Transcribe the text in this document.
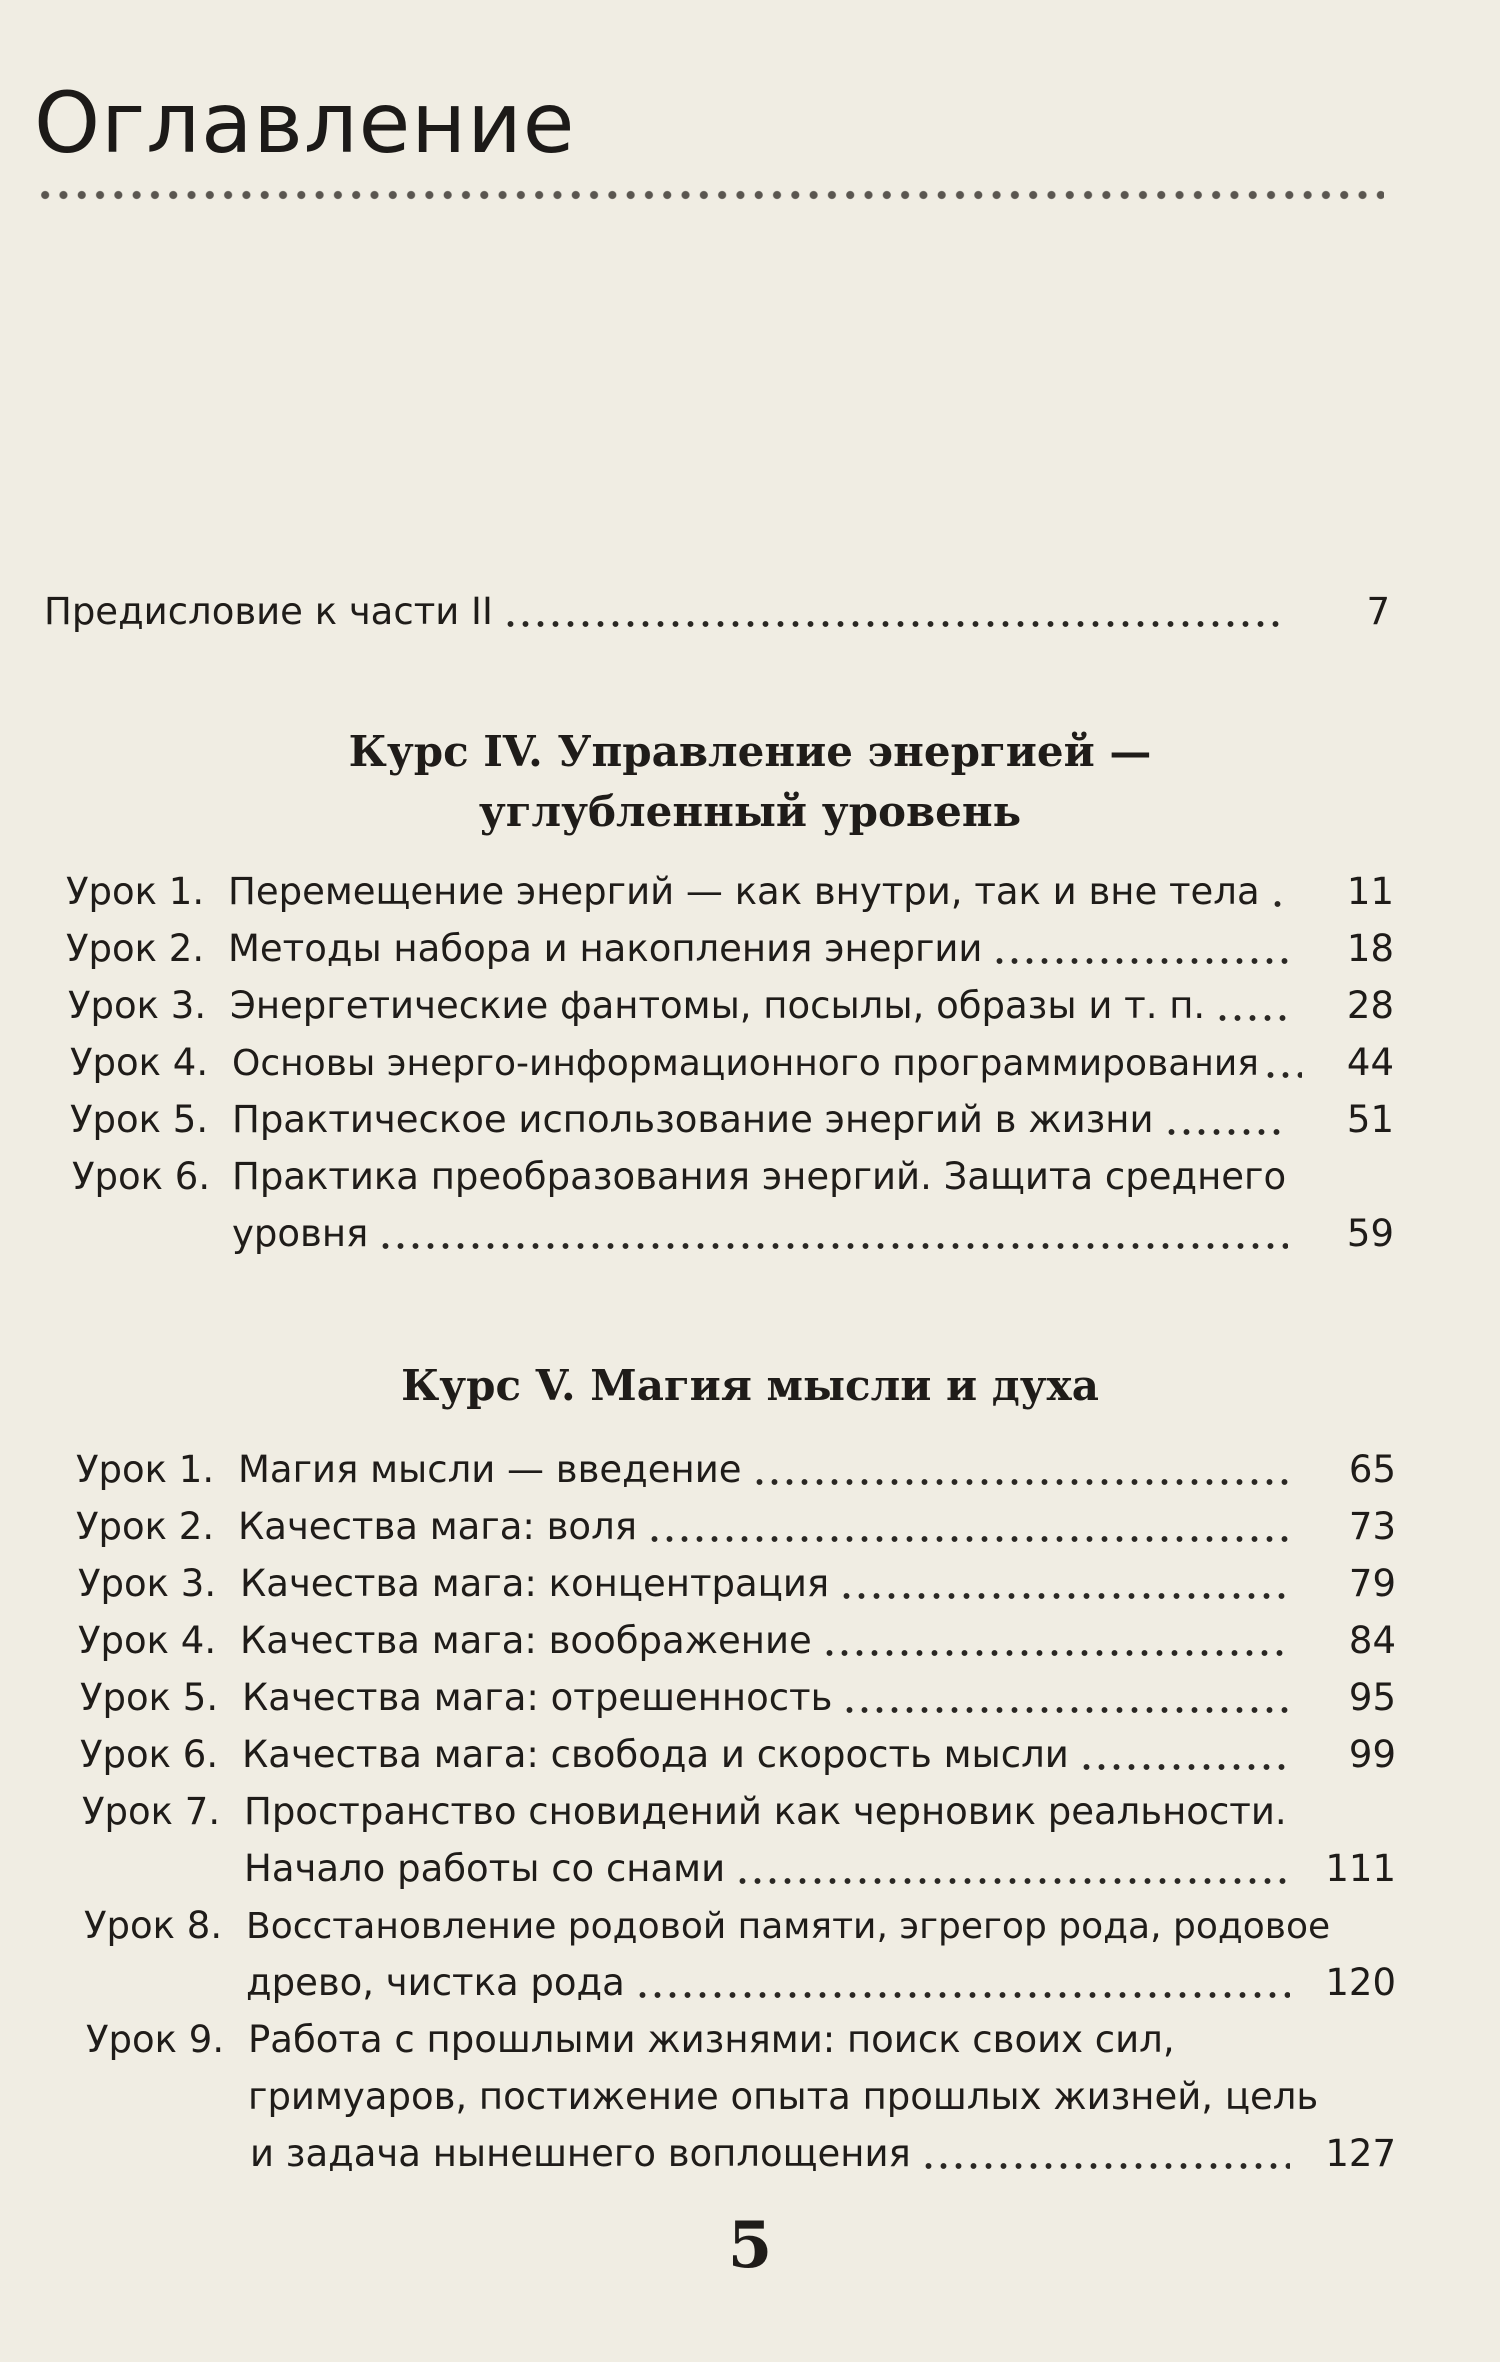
Оглавление
Предисловие к части II	7
Курс IV. Управление энергией —
углубленный уровень
Урок 1. Перемещение энергий — как внутри, так и вне тела	11
Урок 2. Методы набора и накопления энергии	18
Урок 3. Энергетические фантомы, посылы, образы и т. п.	28
Урок 4. Основы энерго-информационного программирования	44
Урок 5. Практическое использование энергий в жизни	51
Урок 6. Практика преобразования энергий. Защита среднего
уровня	59
Курс V. Магия мысли и духа
Урок 1. Магия мысли — введение	65
Урок 2. Качества мага: воля	73
Урок 3. Качества мага: концентрация	79
Урок 4. Качества мага: воображение	84
Урок 5. Качества мага: отрешенность	95
Урок 6. Качества мага: свобода и скорость мысли	99
Урок 7. Пространство сновидений как черновик реальности.
Начало работы со снами	111
Урок 8. Восстановление родовой памяти, эгрегор рода, родовое
древо, чистка рода	120
Урок 9. Работа с прошлыми жизнями: поиск своих сил,
гримуаров, постижение опыта прошлых жизней, цель
и задача нынешнего воплощения	127
5
